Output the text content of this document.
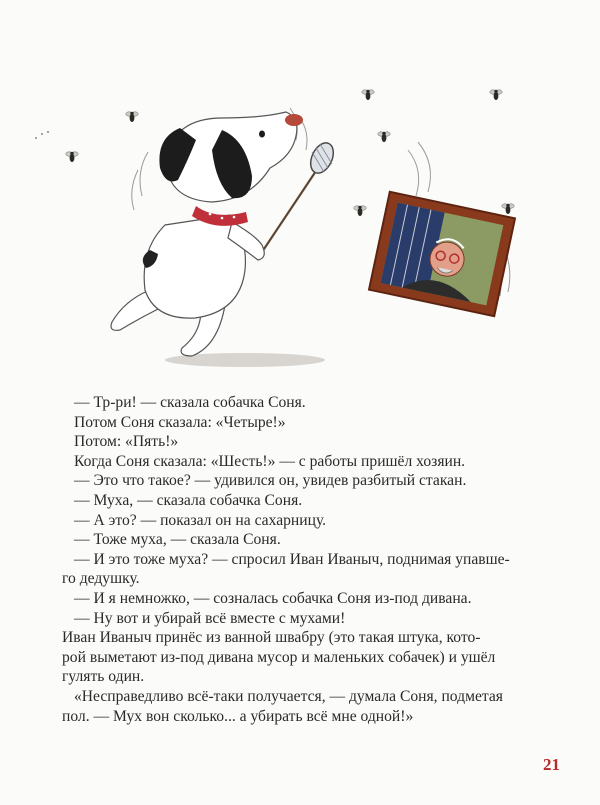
— Тр-ри! — сказала собачка Соня.

Потом Соня сказала: «Четыре!»

Потом: «Пять!»

Когда Соня сказала: «Шесть!» — с работы пришёл хозяин.

— Это что такое? — удивился он, увидев разбитый стакан.

— Муха, — сказала собачка Соня.

— А это? — показал он на сахарницу.

— Тоже муха, — сказала Соня.

— И это тоже муха? — спросил Иван Иваныч, поднимая упавше-

го дедушку.

— И я немножко, — созналась собачка Соня из-под дивана.

— Ну вот и убирай всё вместе с мухами!

Иван Иваныч принёс из ванной швабру (это такая штука, кото-

рой выметают из-под дивана мусор и маленьких собачек) и ушёл

гулять один.

«Несправедливо всё-таки получается, — думала Соня, подметая

пол. — Мух вон сколько... а убирать всё мне одной!»

21
